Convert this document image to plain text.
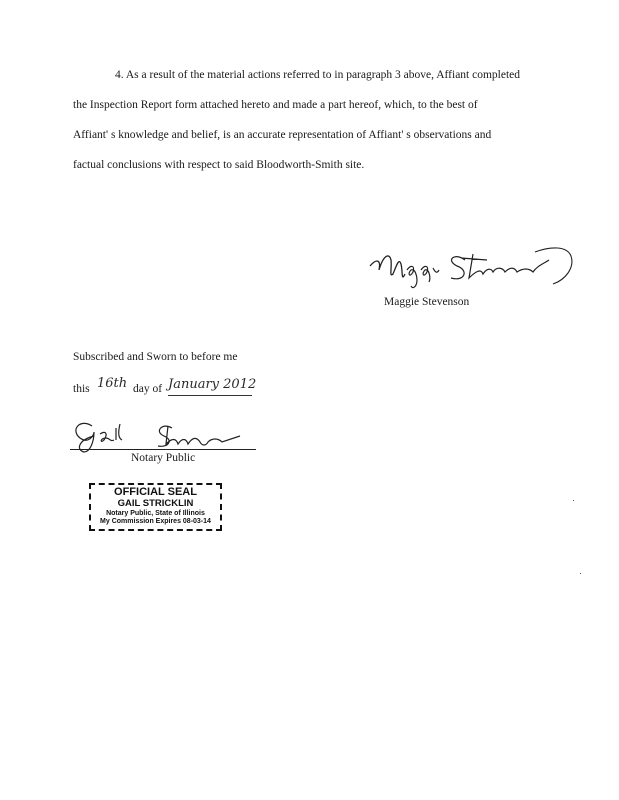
4. As a result of the material actions referred to in paragraph 3 above, Affiant completed
the Inspection Report form attached hereto and made a part hereof, which, to the best of
Affiant' s knowledge and belief, is an accurate representation of Affiant' s observations and
factual conclusions with respect to said Bloodworth-Smith site.
Maggie Stevenson
Subscribed and Sworn to before me
this 16th day of January 2012
Notary Public
OFFICIAL SEAL
GAIL STRICKLIN
Notary Public, State of Illinois
My Commission Expires 08-03-14
